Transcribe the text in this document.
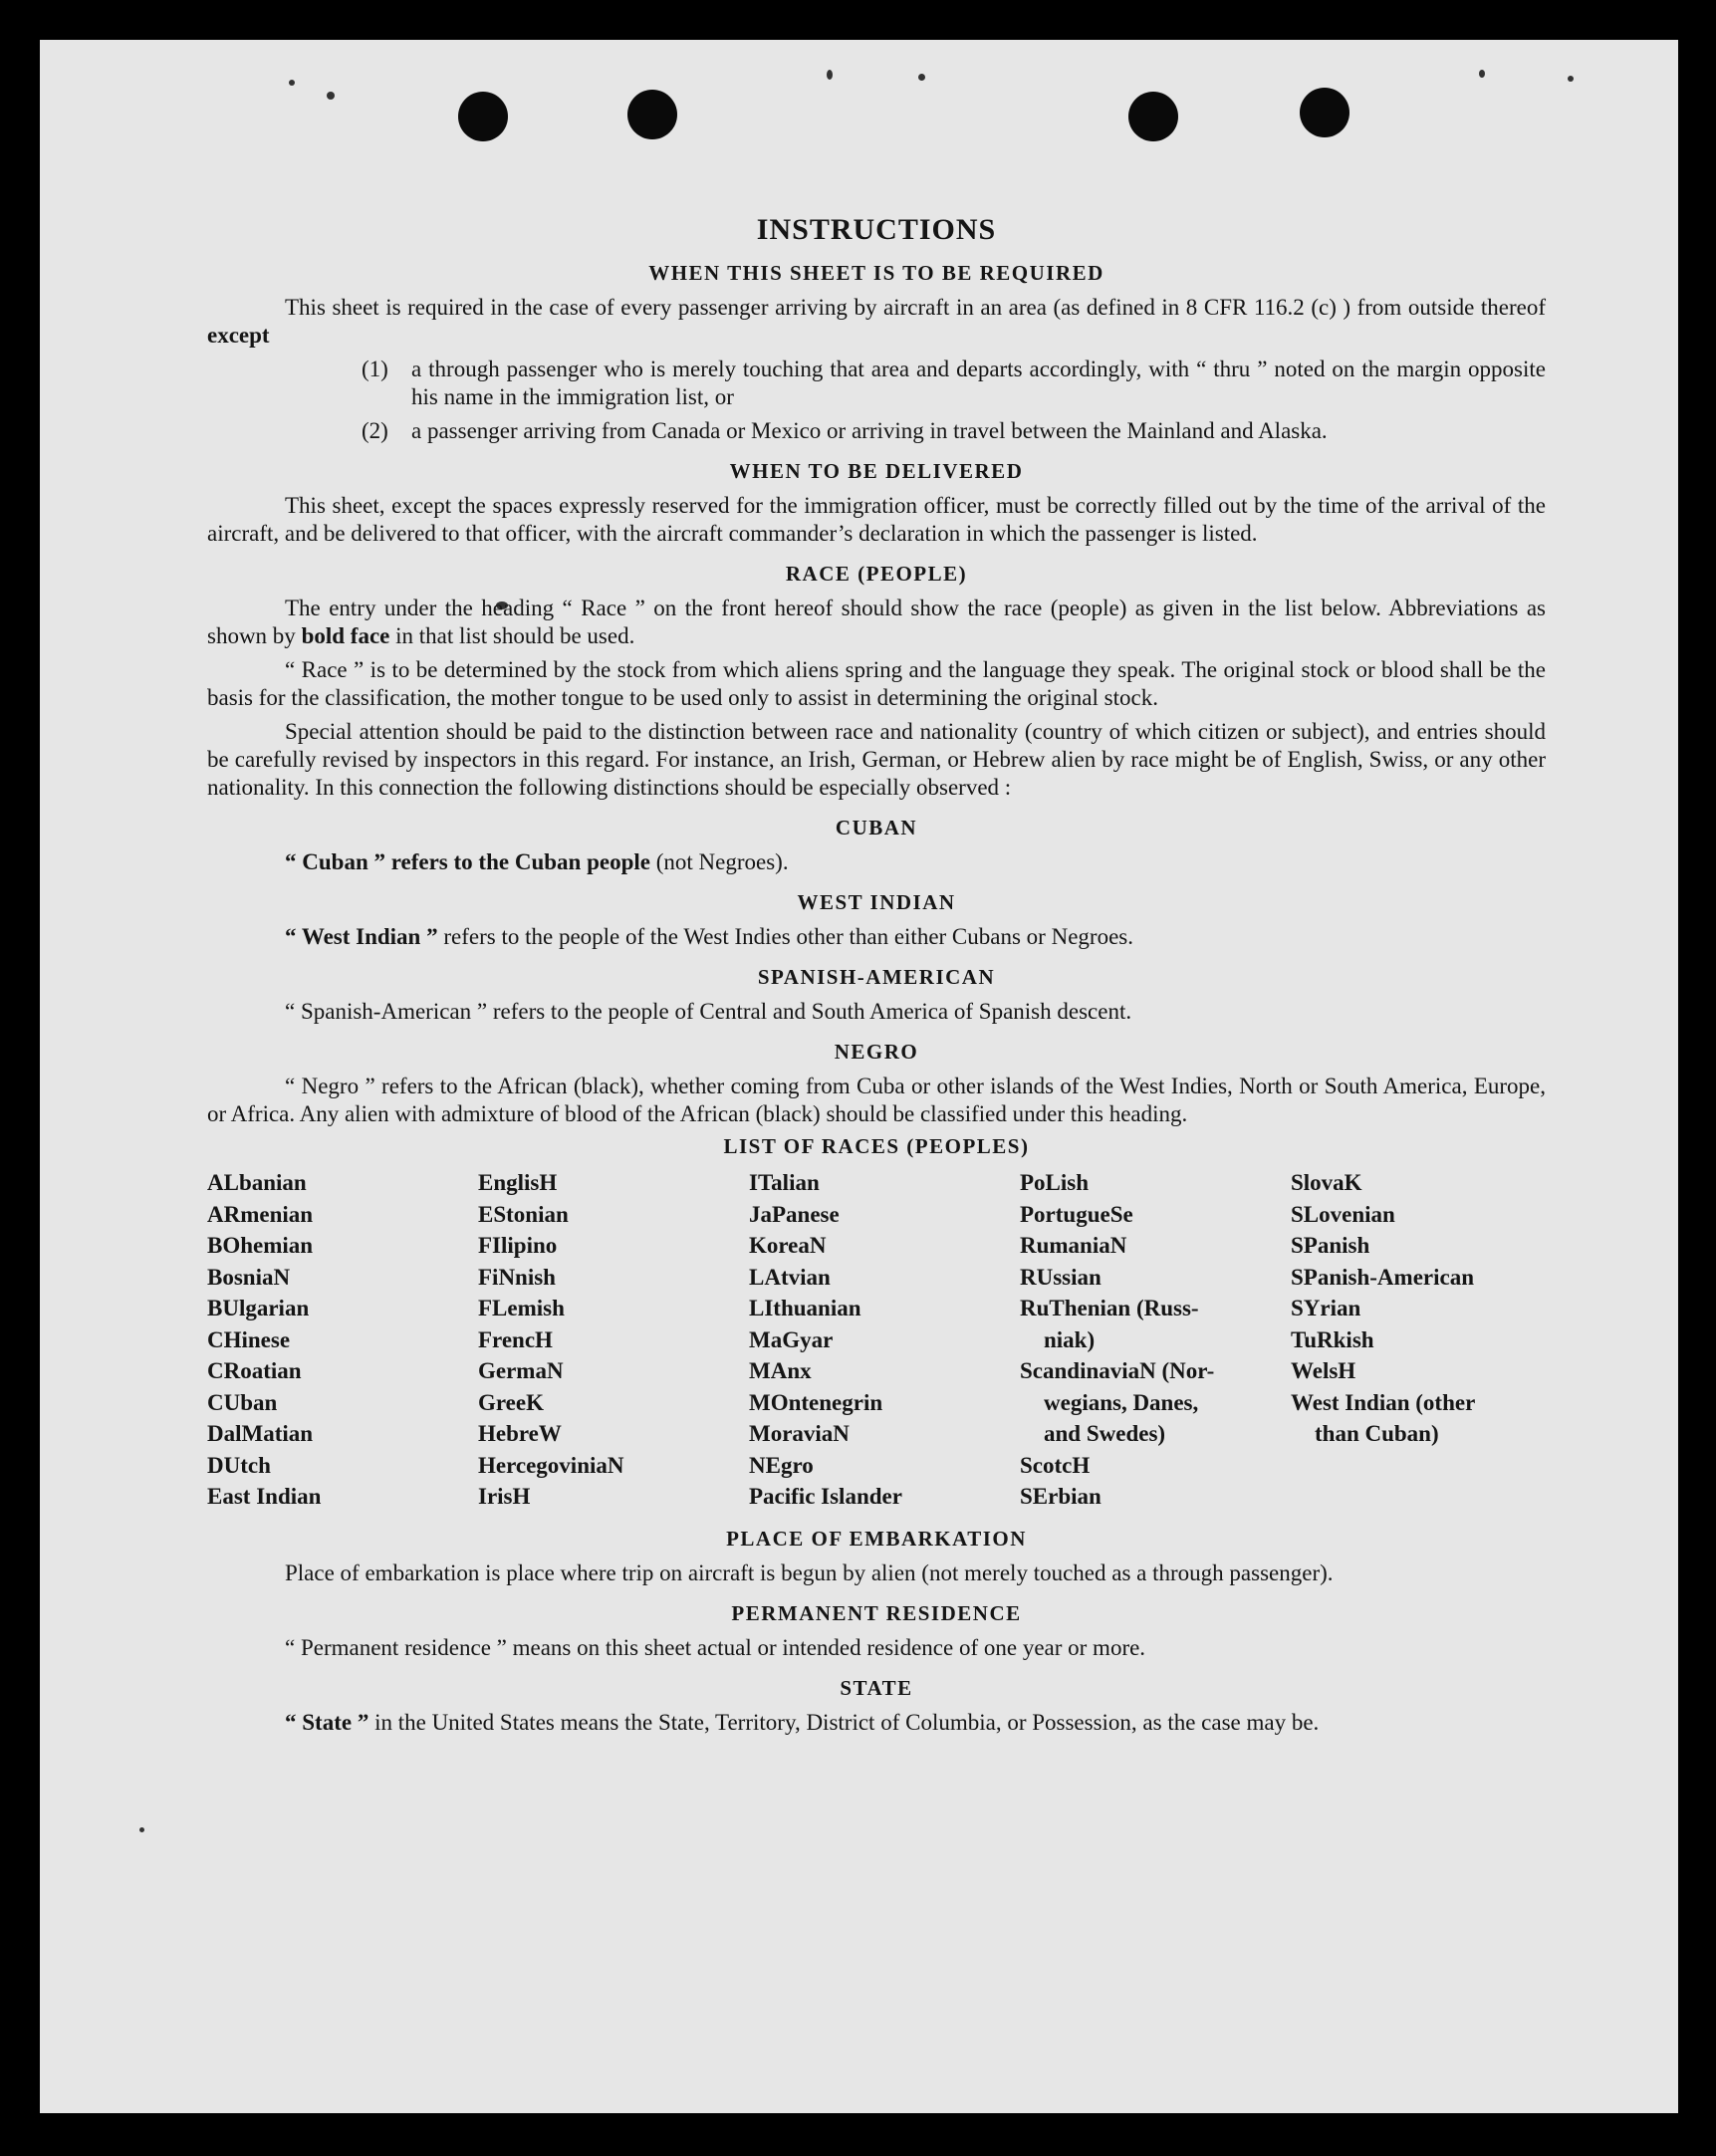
INSTRUCTIONS
WHEN THIS SHEET IS TO BE REQUIRED

This sheet is required in the case of every passenger arriving by aircraft in an area (as defined in 8 CFR 116.2 (c) ) from outside thereof except

(1)	a through passenger who is merely touching that area and departs accordingly, with “ thru ” noted on the margin opposite his name in the immigration list, or
(2)	a passenger arriving from Canada or Mexico or arriving in travel between the Mainland and Alaska.
WHEN TO BE DELIVERED

This sheet, except the spaces expressly reserved for the immigration officer, must be correctly filled out by the time of the arrival of the aircraft, and be delivered to that officer, with the aircraft commander’s declaration in which the passenger is listed.

RACE (PEOPLE)

The entry under the heading “ Race ” on the front hereof should show the race (people) as given in the list below. Abbreviations as shown by bold face in that list should be used.

“ Race ” is to be determined by the stock from which aliens spring and the language they speak. The original stock or blood shall be the basis for the classification, the mother tongue to be used only to assist in determining the original stock.

Special attention should be paid to the distinction between race and nationality (country of which citizen or subject), and entries should be carefully revised by inspectors in this regard. For instance, an Irish, German, or Hebrew alien by race might be of English, Swiss, or any other nationality. In this connection the following distinctions should be especially observed :

CUBAN

“ Cuban ” refers to the Cuban people (not Negroes).

WEST INDIAN

“ West Indian ” refers to the people of the West Indies other than either Cubans or Negroes.

SPANISH-AMERICAN

“ Spanish-American ” refers to the people of Central and South America of Spanish descent.

NEGRO

“ Negro ” refers to the African (black), whether coming from Cuba or other islands of the West Indies, North or South America, Europe, or Africa. Any alien with admixture of blood of the African (black) should be classified under this heading.

LIST OF RACES (PEOPLES)
ALbanian
ARmenian
BOhemian
BosniaN
BUlgarian
CHinese
CRoatian
CUban
DalMatian
DUtch
East Indian
EnglisH
EStonian
FIlipino
FiNnish
FLemish
FrencH
GermaN
GreeK
HebreW
HercegoviniaN
IrisH
ITalian
JaPanese
KoreaN
LAtvian
LIthuanian
MaGyar
MAnx
MOntenegrin
MoraviaN
NEgro
Pacific Islander
PoLish
PortugueSe
RumaniaN
RUssian
RuThenian (Russ-
niak)
ScandinaviaN (Nor-
wegians, Danes,
and Swedes)
ScotcH
SErbian
SlovaK
SLovenian
SPanish
SPanish-American
SYrian
TuRkish
WelsH
West Indian (other
than Cuban)
PLACE OF EMBARKATION

Place of embarkation is place where trip on aircraft is begun by alien (not merely touched as a through passenger).

PERMANENT RESIDENCE

“ Permanent residence ” means on this sheet actual or intended residence of one year or more.

STATE

“ State ” in the United States means the State, Territory, District of Columbia, or Possession, as the case may be.
